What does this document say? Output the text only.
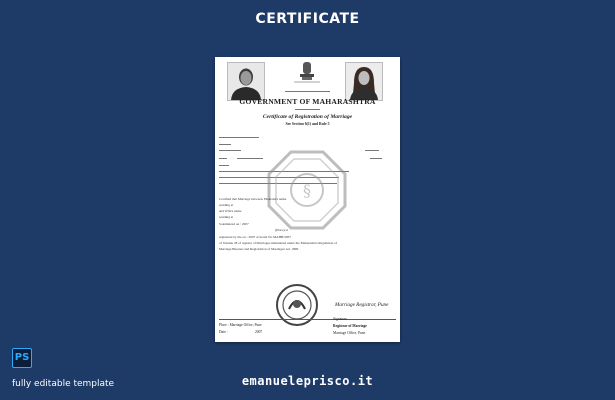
CERTIFICATE
GOVERNMENT OF MAHARASHTRA
Certificate of Registration of Marriage
See Section 6(1) and Rule 5
§
Certified that Marriage between, Husband's name
residing at
and Wife's name
residing at
Solemnized on : 2007
(Place) at
registered by me on : 2007 at Serial No MAHB/2007
of Volume 28 of register of Marriages maintained under the Maharashtra Regulation of
Marriage Bureaus and Registration of Marriages Act 1998.
Marriage Registrar, Pune
Place : Marriage Office, Pune
Date :	2007
Signature
Registrar of Marriage
Marriage Office, Pune
PS
fully editable template	emanueleprisco.it
